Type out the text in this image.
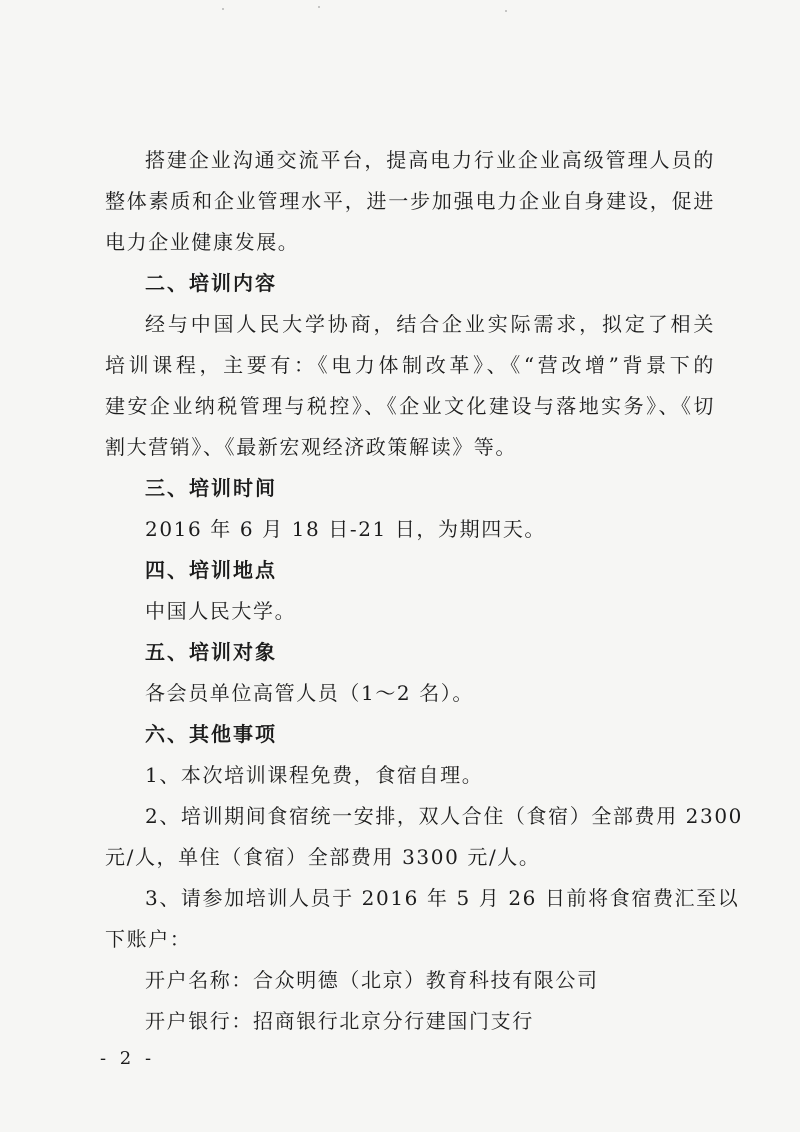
搭建企业沟通交流平台，提高电力行业企业高级管理人员的
整体素质和企业管理水平，进一步加强电力企业自身建设，促进
电力企业健康发展。
二、培训内容
经与中国人民大学协商，结合企业实际需求，拟定了相关
培训课程，主要有：《电力体制改革》、《“营改增”背景下的
建安企业纳税管理与税控》、《企业文化建设与落地实务》、《切
割大营销》、《最新宏观经济政策解读》等。
三、培训时间
2016 年 6 月 18 日-21 日，为期四天。
四、培训地点
中国人民大学。
五、培训对象
各会员单位高管人员（1～2 名）。
六、其他事项
1、本次培训课程免费，食宿自理。
2、培训期间食宿统一安排，双人合住（食宿）全部费用 2300
元/人，单住（食宿）全部费用 3300 元/人。
3、请参加培训人员于 2016 年 5 月 26 日前将食宿费汇至以
下账户：
开户名称：合众明德（北京）教育科技有限公司
开户银行：招商银行北京分行建国门支行
- 2 -
